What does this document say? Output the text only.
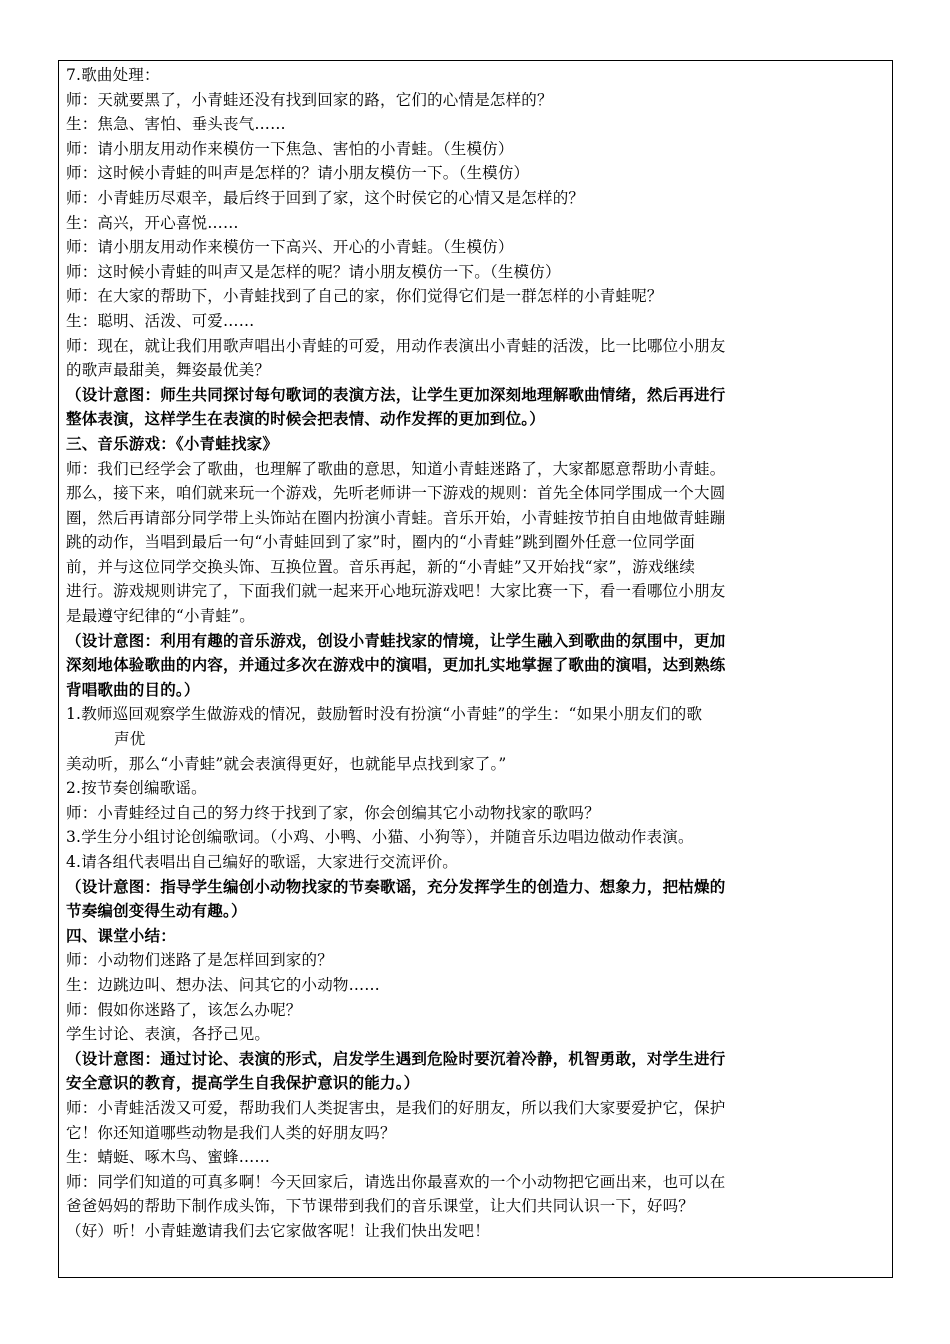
7.歌曲处理：
师：天就要黑了，小青蛙还没有找到回家的路，它们的心情是怎样的？
生：焦急、害怕、垂头丧气……
师：请小朋友用动作来模仿一下焦急、害怕的小青蛙。（生模仿）
师：这时候小青蛙的叫声是怎样的？请小朋友模仿一下。（生模仿）
师：小青蛙历尽艰辛，最后终于回到了家，这个时侯它的心情又是怎样的？
生：高兴，开心喜悦……
师：请小朋友用动作来模仿一下高兴、开心的小青蛙。（生模仿）
师：这时候小青蛙的叫声又是怎样的呢？请小朋友模仿一下。（生模仿）
师：在大家的帮助下，小青蛙找到了自己的家，你们觉得它们是一群怎样的小青蛙呢？
生：聪明、活泼、可爱……
师：现在，就让我们用歌声唱出小青蛙的可爱，用动作表演出小青蛙的活泼，比一比哪位小朋友
的歌声最甜美，舞姿最优美？
（设计意图：师生共同探讨每句歌词的表演方法，让学生更加深刻地理解歌曲情绪，然后再进行
整体表演，这样学生在表演的时候会把表情、动作发挥的更加到位。）
三、音乐游戏：《小青蛙找家》
师：我们已经学会了歌曲，也理解了歌曲的意思，知道小青蛙迷路了，大家都愿意帮助小青蛙。
那么，接下来，咱们就来玩一个游戏，先听老师讲一下游戏的规则：首先全体同学围成一个大圆
圈，然后再请部分同学带上头饰站在圈内扮演小青蛙。音乐开始，小青蛙按节拍自由地做青蛙蹦
跳的动作，当唱到最后一句“小青蛙回到了家”时，圈内的“小青蛙”跳到圈外任意一位同学面
前，并与这位同学交换头饰、互换位置。音乐再起，新的“小青蛙”又开始找“家”，游戏继续
进行。游戏规则讲完了，下面我们就一起来开心地玩游戏吧！大家比赛一下，看一看哪位小朋友
是最遵守纪律的“小青蛙”。
（设计意图：利用有趣的音乐游戏，创设小青蛙找家的情境，让学生融入到歌曲的氛围中，更加
深刻地体验歌曲的内容，并通过多次在游戏中的演唱，更加扎实地掌握了歌曲的演唱，达到熟练
背唱歌曲的目的。）
1.教师巡回观察学生做游戏的情况，鼓励暂时没有扮演“小青蛙”的学生：“如果小朋友们的歌
声优
美动听，那么“小青蛙”就会表演得更好，也就能早点找到家了。”
2.按节奏创编歌谣。
师：小青蛙经过自己的努力终于找到了家，你会创编其它小动物找家的歌吗？
3.学生分小组讨论创编歌词。（小鸡、小鸭、小猫、小狗等），并随音乐边唱边做动作表演。
4.请各组代表唱出自己编好的歌谣，大家进行交流评价。
（设计意图：指导学生编创小动物找家的节奏歌谣，充分发挥学生的创造力、想象力，把枯燥的
节奏编创变得生动有趣。）
四、课堂小结：
师：小动物们迷路了是怎样回到家的？
生：边跳边叫、想办法、问其它的小动物……
师：假如你迷路了，该怎么办呢？
学生讨论、表演，各抒己见。
（设计意图：通过讨论、表演的形式，启发学生遇到危险时要沉着冷静，机智勇敢，对学生进行
安全意识的教育，提高学生自我保护意识的能力。）
师：小青蛙活泼又可爱，帮助我们人类捉害虫，是我们的好朋友，所以我们大家要爱护它，保护
它！你还知道哪些动物是我们人类的好朋友吗？
生：蜻蜓、啄木鸟、蜜蜂……
师：同学们知道的可真多啊！今天回家后，请选出你最喜欢的一个小动物把它画出来，也可以在
爸爸妈妈的帮助下制作成头饰，下节课带到我们的音乐课堂，让大们共同认识一下，好吗？
（好）听！小青蛙邀请我们去它家做客呢！让我们快出发吧！
